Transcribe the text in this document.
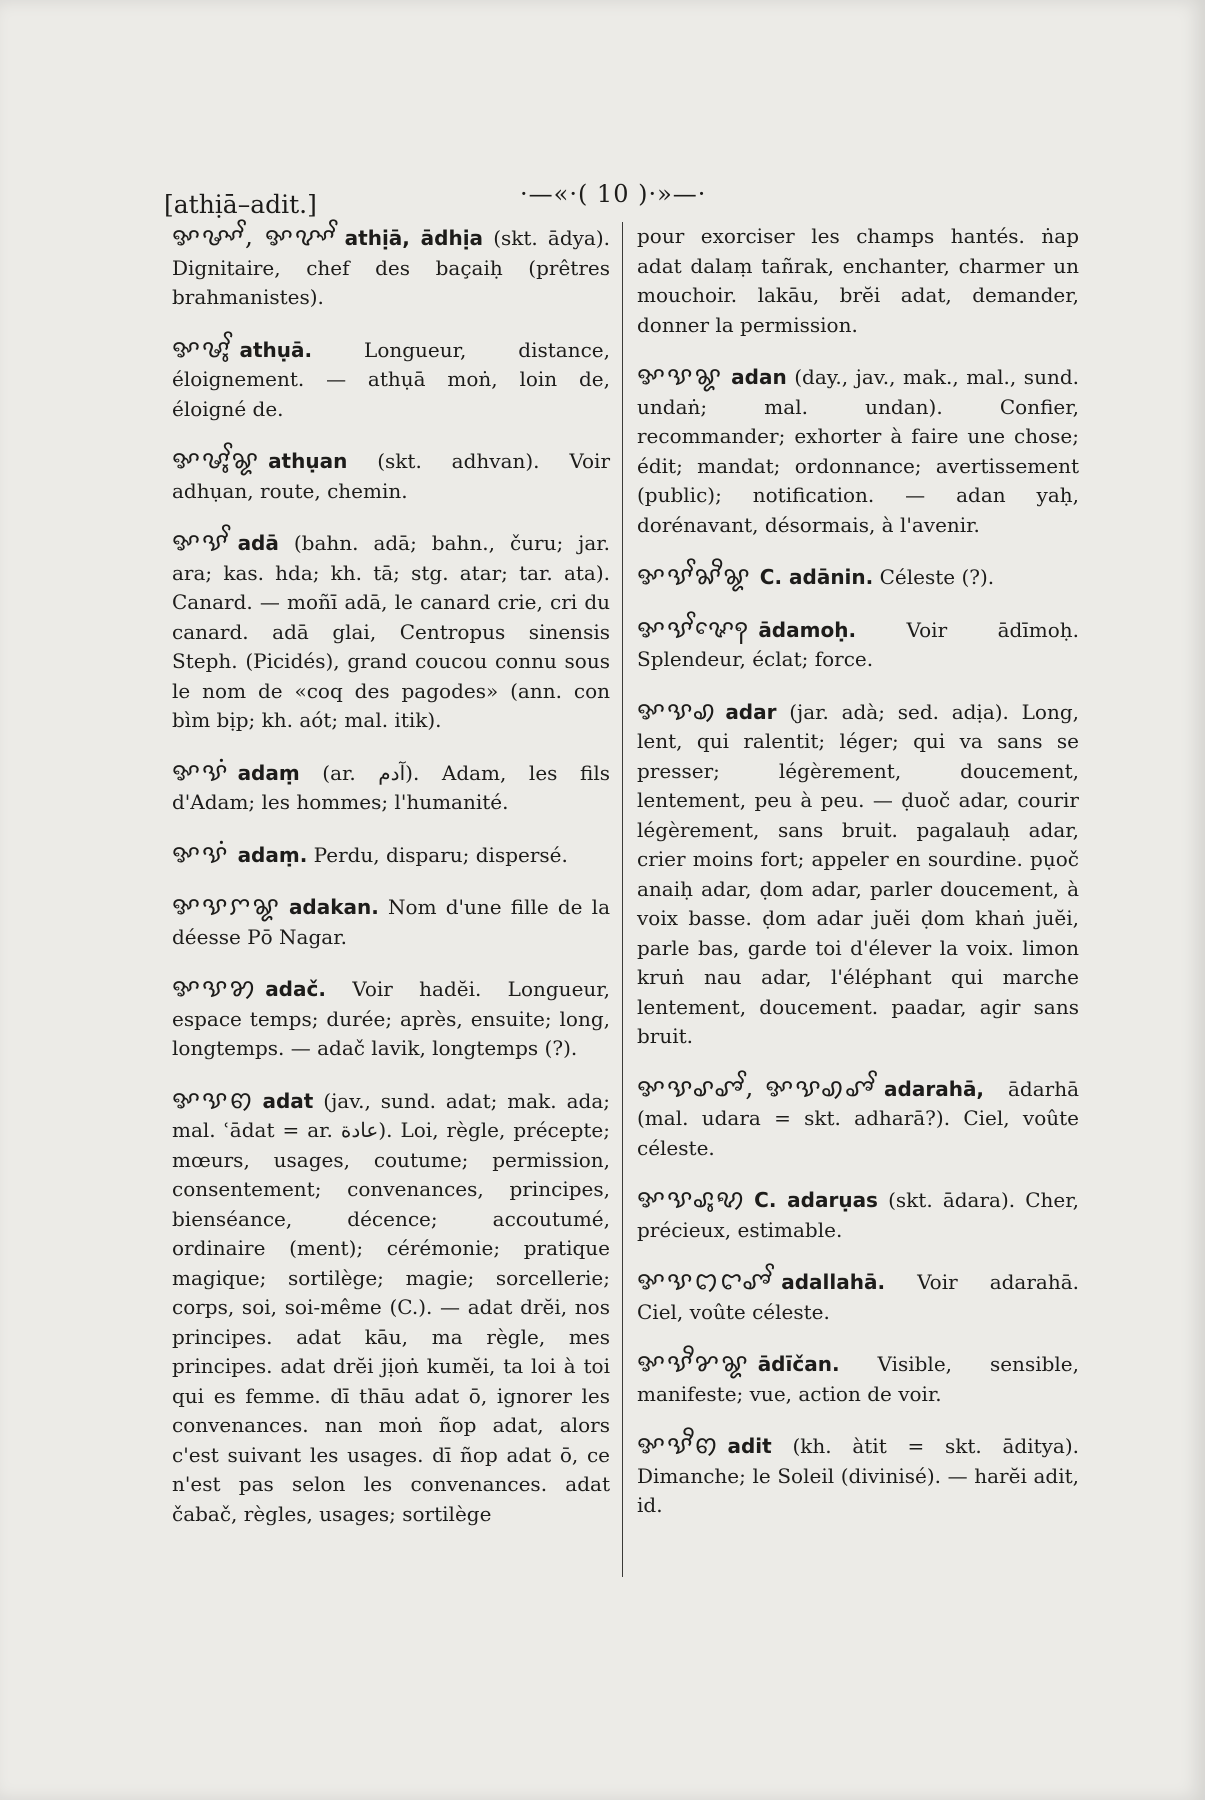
[athịā–adit.]	·—«·( 10 )·»—·

ꨀꨔꨳꨩ, ꨀꨖꨳꨩ athịā, ādhịa (skt. ādya). Dignitaire, chef des baçaiḥ (prêtres brahmanistes).

ꨀꨔꨶꨩ athụā.	Longueur, distance, éloignement. — athụā moṅ, loin de, éloigné de.

ꨀꨔꨶꨩꨘ athụan (skt. adhvan). Voir adhụan, route, chemin.

ꨀꨕꨩ adā (bahn. adā; bahn., čuru; jar. ara; kas. hda; kh. tā; stg. atar; tar. ata). Canard. — moñī adā, le canard crie, cri du canard. adā glai, Centropus sinensis Steph. (Picidés), grand coucou connu sous le nom de «coq des pagodes» (ann. con bìm bịp; kh. aót; mal. itik).

ꨀꨕꩌ adaṃ (ar. آدم). Adam, les fils d'Adam; les hommes; l'humanité.

ꨀꨕꩌ adaṃ. Perdu, disparu; dispersé.

ꨀꨕꨆꨘ adakan. Nom d'une fille de la déesse Pō Nagar.

ꨀꨕꩄ adač. Voir hadĕi. Longueur, espace temps; durée; après, ensuite; long, longtemps. — adač lavik, longtemps (?).

ꨀꨕꩅ adat (jav., sund. adat; mak. ada; mal. ʿādat = ar. عادة). Loi, règle, précepte; mœurs, usages, coutume; permission, consentement; convenances, principes, bienséance, décence; accoutumé, ordinaire (ment); cérémonie; pratique magique; sortilège; magie; sorcellerie; corps, soi, soi-même (C.). — adat drĕi, nos principes. adat kāu, ma règle, mes principes. adat drĕi jịoṅ kumĕi, ta loi à toi qui es femme. dī thāu adat ō, ignorer les convenances. nan moṅ ñop adat, alors c'est suivant les usages. dī ñop adat ō, ce n'est pas selon les convenances. adat čabač, règles, usages; sortilège

pour exorciser les champs hantés. ṅap adat dalaṃ tañrak, enchanter, charmer un mouchoir. lakāu, brĕi adat, demander, donner la permission.

ꨀꨕꨘ adan (day., jav., mak., mal., sund. undaṅ; mal. undan). Confier, recommander; exhorter à faire une chose; édit; mandat; ordonnance; avertissement (public); notification. — adan yaḥ, dorénavant, désormais, à l'avenir.

ꨀꨕꨩꨗꨪꨘ C. adānin. Céleste (?).

ꨀꨕꨩꨟꨯꩍ ādamoḥ.	Voir ādīmoḥ. Splendeur, éclat; force.

ꨀꨕꩉ adar (jar. adà; sed. adịa). Long, lent, qui ralentit; léger; qui va sans se presser; légèrement, doucement, lentement, peu à peu. — ḍuoč adar, courir légèrement, sans bruit. pagalauḥ adar, crier moins fort; appeler en sourdine. pụoč anaiḥ adar, ḍom adar, parler doucement, à voix basse. ḍom adar juĕi ḍom khaṅ juĕi, parle bas, garde toi d'élever la voix. limon kruṅ nau adar, l'éléphant qui marche lentement, doucement. paadar, agir sans bruit.

ꨀꨕꨣꨨꨩ, ꨀꨕꩉꨨꨩ adarahā, ādarhā (mal. udara = skt. adharā?). Ciel, voûte céleste.

ꨀꨕꨣꨶꩋ C. adarụas (skt. ādara). Cher, précieux, estimable.

ꨀꨕꩊꨤꨨꨩ adallahā. Voir adarahā. Ciel, voûte céleste.

ꨀꨕꨪꨌꨘ ādīčan. Visible, sensible, manifeste; vue, action de voir.

ꨀꨕꨪꩅ adit (kh. àtit = skt. āditya). Dimanche; le Soleil (divinisé). — harĕi adit, id.
